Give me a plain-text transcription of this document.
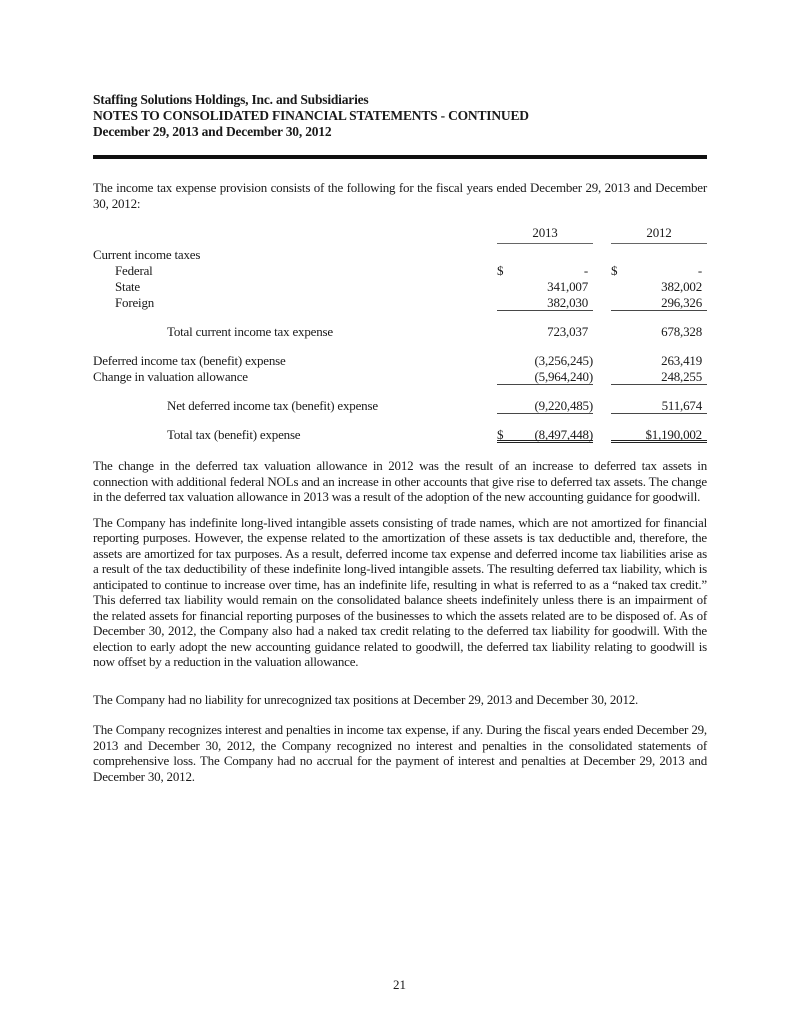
Staffing Solutions Holdings, Inc. and Subsidiaries
NOTES TO CONSOLIDATED FINANCIAL STATEMENTS - CONTINUED
December 29, 2013 and December 30, 2012

The income tax expense provision consists of the following for the fiscal years ended December 29, 2013 and December 30, 2012:

2013	2012
Current income taxes
Federal	$	-	$	-
State	341,007	382,002
Foreign	382,030	296,326
Total current income tax expense	723,037	678,328
Deferred income tax (benefit) expense	(3,256,245)	263,419
Change in valuation allowance	(5,964,240)	248,255
Net deferred income tax (benefit) expense	(9,220,485)	511,674
Total tax (benefit) expense	$ (8,497,448)	$1,190,002

The change in the deferred tax valuation allowance in 2012 was the result of an increase to deferred tax assets in connection with additional federal NOLs and an increase in other accounts that give rise to deferred tax assets. The change in the deferred tax valuation allowance in 2013 was a result of the adoption of the new accounting guidance for goodwill.

The Company has indefinite long-lived intangible assets consisting of trade names, which are not amortized for financial reporting purposes. However, the expense related to the amortization of these assets is tax deductible and, therefore, the assets are amortized for tax purposes. As a result, deferred income tax expense and deferred income tax liabilities arise as a result of the tax deductibility of these indefinite long-lived intangible assets. The resulting deferred tax liability, which is anticipated to continue to increase over time, has an indefinite life, resulting in what is referred to as a “naked tax credit.” This deferred tax liability would remain on the consolidated balance sheets indefinitely unless there is an impairment of the related assets for financial reporting purposes of the businesses to which the assets related are to be disposed of. As of December 30, 2012, the Company also had a naked tax credit relating to the deferred tax liability for goodwill. With the election to early adopt the new accounting guidance related to goodwill, the deferred tax liability relating to goodwill is now offset by a reduction in the valuation allowance.

The Company had no liability for unrecognized tax positions at December 29, 2013 and December 30, 2012.

The Company recognizes interest and penalties in income tax expense, if any. During the fiscal years ended December 29, 2013 and December 30, 2012, the Company recognized no interest and penalties in the consolidated statements of comprehensive loss. The Company had no accrual for the payment of interest and penalties at December 29, 2013 and December 30, 2012.

21
